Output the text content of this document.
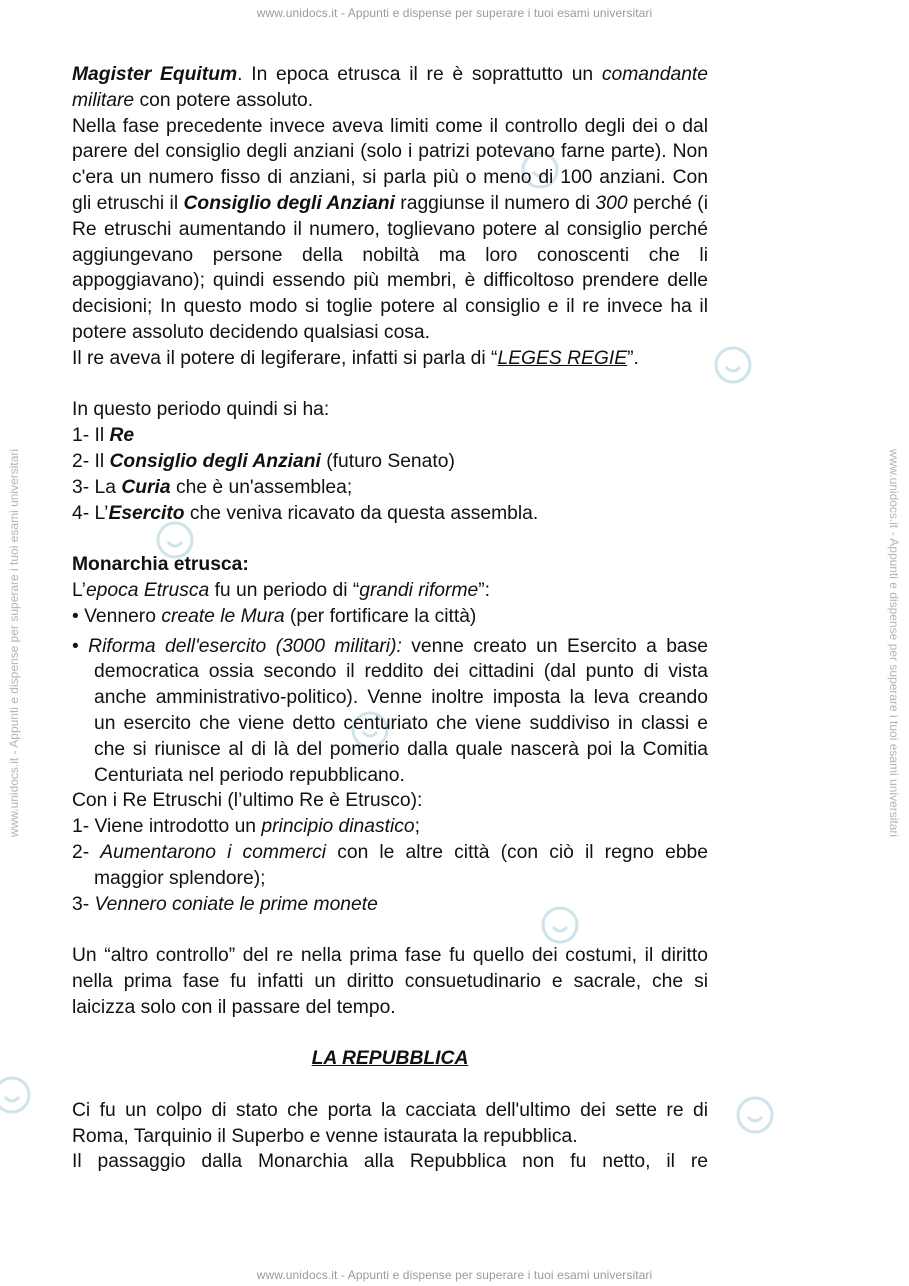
www.unidocs.it - Appunti e dispense per superare i tuoi esami universitari
www.unidocs.it - Appunti e dispense per superare i tuoi esami universitari
www.unidocs.it - Appunti e dispense per superare i tuoi esami universitari	www.unidocs.it - Appunti e dispense per superare i tuoi esami universitari

Magister Equitum. In epoca etrusca il re è soprattutto un comandante militare con potere assoluto.

Nella fase precedente invece aveva limiti come il controllo degli dei o dal parere del consiglio degli anziani (solo i patrizi potevano farne parte). Non c'era un numero fisso di anziani, si parla più o meno di 100 anziani. Con gli etruschi il Consiglio degli Anziani raggiunse il numero di 300 perché (i Re etruschi aumentando il numero, toglievano potere al consiglio perché aggiungevano persone della nobiltà ma loro conoscenti che li appoggiavano); quindi essendo più membri, è difficoltoso prendere delle decisioni; In questo modo si toglie potere al consiglio e il re invece ha il potere assoluto decidendo qualsiasi cosa.

Il re aveva il potere di legiferare, infatti si parla di “LEGES REGIE”.

In questo periodo quindi si ha:

1- Il Re

2- Il Consiglio degli Anziani (futuro Senato)

3- La Curia che è un'assemblea;

4- L’Esercito che veniva ricavato da questa assembla.

Monarchia etrusca:

L’epoca Etrusca fu un periodo di “grandi riforme”:

• Vennero create le Mura (per fortificare la città)

• Riforma dell'esercito (3000 militari): venne creato un Esercito a base democratica ossia secondo il reddito dei cittadini (dal punto di vista anche amministrativo-politico). Venne inoltre imposta la leva creando un esercito che viene detto centuriato che viene suddiviso in classi e che si riunisce al di là del pomerio dalla quale nascerà poi la Comitia Centuriata nel periodo repubblicano.

Con i Re Etruschi (l’ultimo Re è Etrusco):

1- Viene introdotto un principio dinastico;

2- Aumentarono i commerci con le altre città (con ciò il regno ebbe maggior splendore);

3- Vennero coniate le prime monete

Un “altro controllo” del re nella prima fase fu quello dei costumi, il diritto nella prima fase fu infatti un diritto consuetudinario e sacrale, che si laicizza solo con il passare del tempo.

LA REPUBBLICA

Ci fu un colpo di stato che porta la cacciata dell'ultimo dei sette re di Roma, Tarquinio il Superbo e venne istaurata la repubblica.

Il passaggio dalla Monarchia alla Repubblica non fu netto, il re
